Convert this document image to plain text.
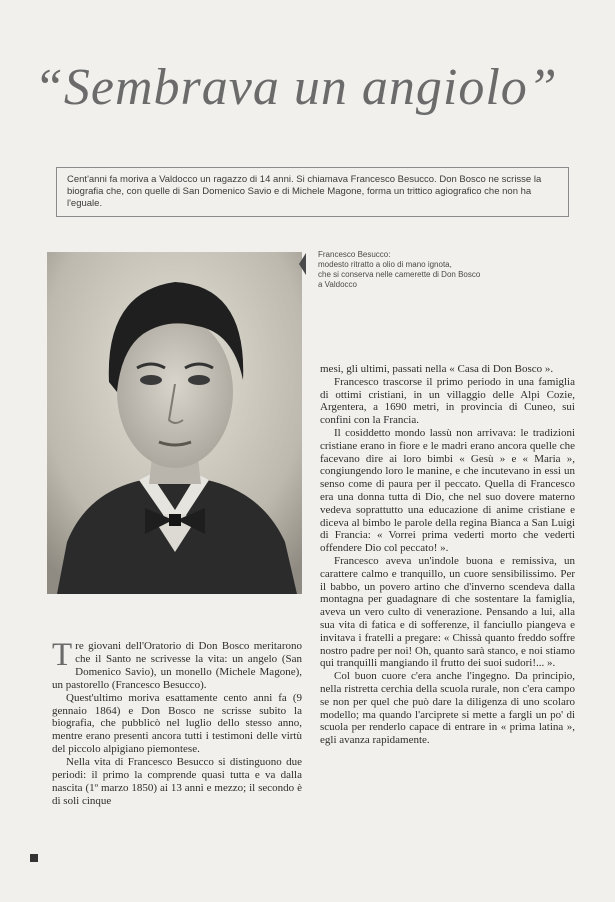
“Sembrava un angiolo”
Cent'anni fa moriva a Valdocco un ragazzo di 14 anni. Si chiamava Francesco Besucco. Don Bosco ne scrisse la biografia che, con quelle di San Domenico Savio e di Michele Magone, forma un trittico agiografico che non ha l'eguale.
Francesco Besucco:
modesto ritratto a olio di mano ignota,
che si conserva nelle camerette di Don Bosco
a Valdocco

Tre giovani dell'Oratorio di Don Bosco meritarono che il Santo ne scrivesse la vita: un angelo (San Domenico Savio), un monello (Michele Magone), un pastorello (Francesco Besucco).

Quest'ultimo moriva esattamente cento anni fa (9 gennaio 1864) e Don Bosco ne scrisse subito la biografia, che pubblicò nel luglio dello stesso anno, mentre erano presenti ancora tutti i testimoni delle virtù del piccolo alpigiano piemontese.

Nella vita di Francesco Besucco si distinguono due periodi: il primo la comprende quasi tutta e va dalla nascita (1º marzo 1850) ai 13 anni e mezzo; il secondo è di soli cinque

mesi, gli ultimi, passati nella « Casa di Don Bosco ».

Francesco trascorse il primo periodo in una famiglia di ottimi cristiani, in un villaggio delle Alpi Cozie, Argentera, a 1690 metri, in provincia di Cuneo, sui confini con la Francia.

Il cosiddetto mondo lassù non arrivava: le tradizioni cristiane erano in fiore e le madri erano ancora quelle che facevano dire ai loro bimbi « Gesù » e « Maria », congiungendo loro le manine, e che incutevano in essi un senso come di paura per il peccato. Quella di Francesco era una donna tutta di Dio, che nel suo dovere materno vedeva soprattutto una educazione di anime cristiane e diceva al bimbo le parole della regina Bianca a San Luigi di Francia: « Vorrei prima vederti morto che vederti offendere Dio col peccato! ».

Francesco aveva un'indole buona e remissiva, un carattere calmo e tranquillo, un cuore sensibilissimo. Per il babbo, un povero artino che d'inverno scendeva dalla montagna per guadagnare di che sostentare la famiglia, aveva un vero culto di venerazione. Pensando a lui, alla sua vita di fatica e di sofferenze, il fanciullo piangeva e invitava i fratelli a pregare: « Chissà quanto freddo soffre nostro padre per noi! Oh, quanto sarà stanco, e noi stiamo qui tranquilli mangiando il frutto dei suoi sudori!... ».

Col buon cuore c'era anche l'ingegno. Da principio, nella ristretta cerchia della scuola rurale, non c'era campo se non per quel che può dare la diligenza di uno scolaro modello; ma quando l'arciprete si mette a fargli un po' di scuola per renderlo capace di entrare in « prima latina », egli avanza rapidamente.
